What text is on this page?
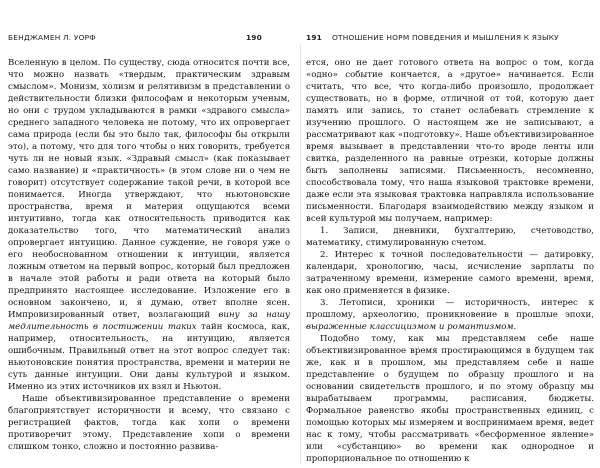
БЕНДЖАМЕН Л. УОРФ	190

Вселенную в целом. По существу, сюда относится почти все, что можно назвать «твердым, практическим здравым смыслом». Монизм, холизм и релятивизм в представлении о действительности близки философам и некоторым ученым, но они с трудом укладываются в рамки «здравого смысла» среднего западного человека не потому, что их опровергает сама природа (если бы это было так, философы бы открыли это), а потому, что для того чтобы о них говорить, требуется чуть ли не новый язык. «Здравый смысл» (как показывает само название) и «практичность» (в этом слове ни о чем не говорит) отсутствует содержание такой речи, в которой все понимается. Иногда утверждают, что ньютоновские пространства, время и материя ощущаются всеми интуитивно, тогда как относительность приводится как доказательство того, что математический анализ опровергает интуицию. Данное суждение, не говоря уже о его необоснованном отношении к интуиции, является ложным ответом на первый вопрос, который был предложен в начале этой работы и ради ответа на который было предпринято настоящее исследование. Изложение его в основном закончено, и, я думаю, ответ вполне ясен. Импровизированный ответ, возлагающий вину за нашу медлительность в постижении таких тайн космоса, как, например, относительность, на интуицию, является ошибочным. Правильный ответ на этот вопрос следует так: ньютоновские понятия пространства, времени и материи не суть данные интуиции. Они даны культурой и языком. Именно из этих источников их взял и Ньютон.

Наше объективизированное представление о времени благоприятствует историчности и всему, что связано с регистрацией фактов, тогда как хопи о времени противоречит этому. Представление хопи о времени слишком тонко, сложно и постоянно развива-

191 ОТНОШЕНИЕ НОРМ ПОВЕДЕНИЯ И МЫШЛЕНИЯ К ЯЗЫКУ

ется, оно не дает готового ответа на вопрос о том, когда «одно» событие кончается, а «другое» начинается. Если считать, что все, что когда-либо произошло, продолжает существовать, но в форме, отличной от той, которую дает память или запись, то станет ослабевать стремление к изучению прошлого. О настоящем же не записывают, а рассматривают как «подготовку». Наше объективизированное время вызывает в представлении что-то вроде ленты или свитка, разделенного на равные отрезки, которые должны быть заполнены записями. Письменность, несомненно, способствовала тому, что наша языковой трактовке времени, даже если эта языковая трактовка направляла использование письменности. Благодаря взаимодействию между языком и всей культурой мы получаем, например:

1. Записи, дневники, бухгалтерию, счетоводство, математику, стимулированную счетом.

2. Интерес к точной последовательности — датировку, календари, хронологию, часы, исчисление зарплаты по затраченному времени, измерение самого времени, время, как оно применяется в физике.

3. Летописи, хроники — историчность, интерес к прошлому, археологию, проникновение в прошлые эпохи, выраженные классицизмом и романтизмом.

Подобно тому, как мы представляем себе наше объективизированное время простирающимся в будущем так же, как и в прошлом, мы представляем себе и наше представление о будущем по образцу прошлого и на основании свидетельств прошлого, и по этому образцу мы вырабатываем программы, расписания, бюджеты. Формальное равенство якобы пространственных единиц, с помощью которых мы измеряем и воспринимаем время, ведет нас к тому, чтобы рассматривать «бесформенное явление» или «субстанцию» во времени как однородное и пропорциональное по отношению к
